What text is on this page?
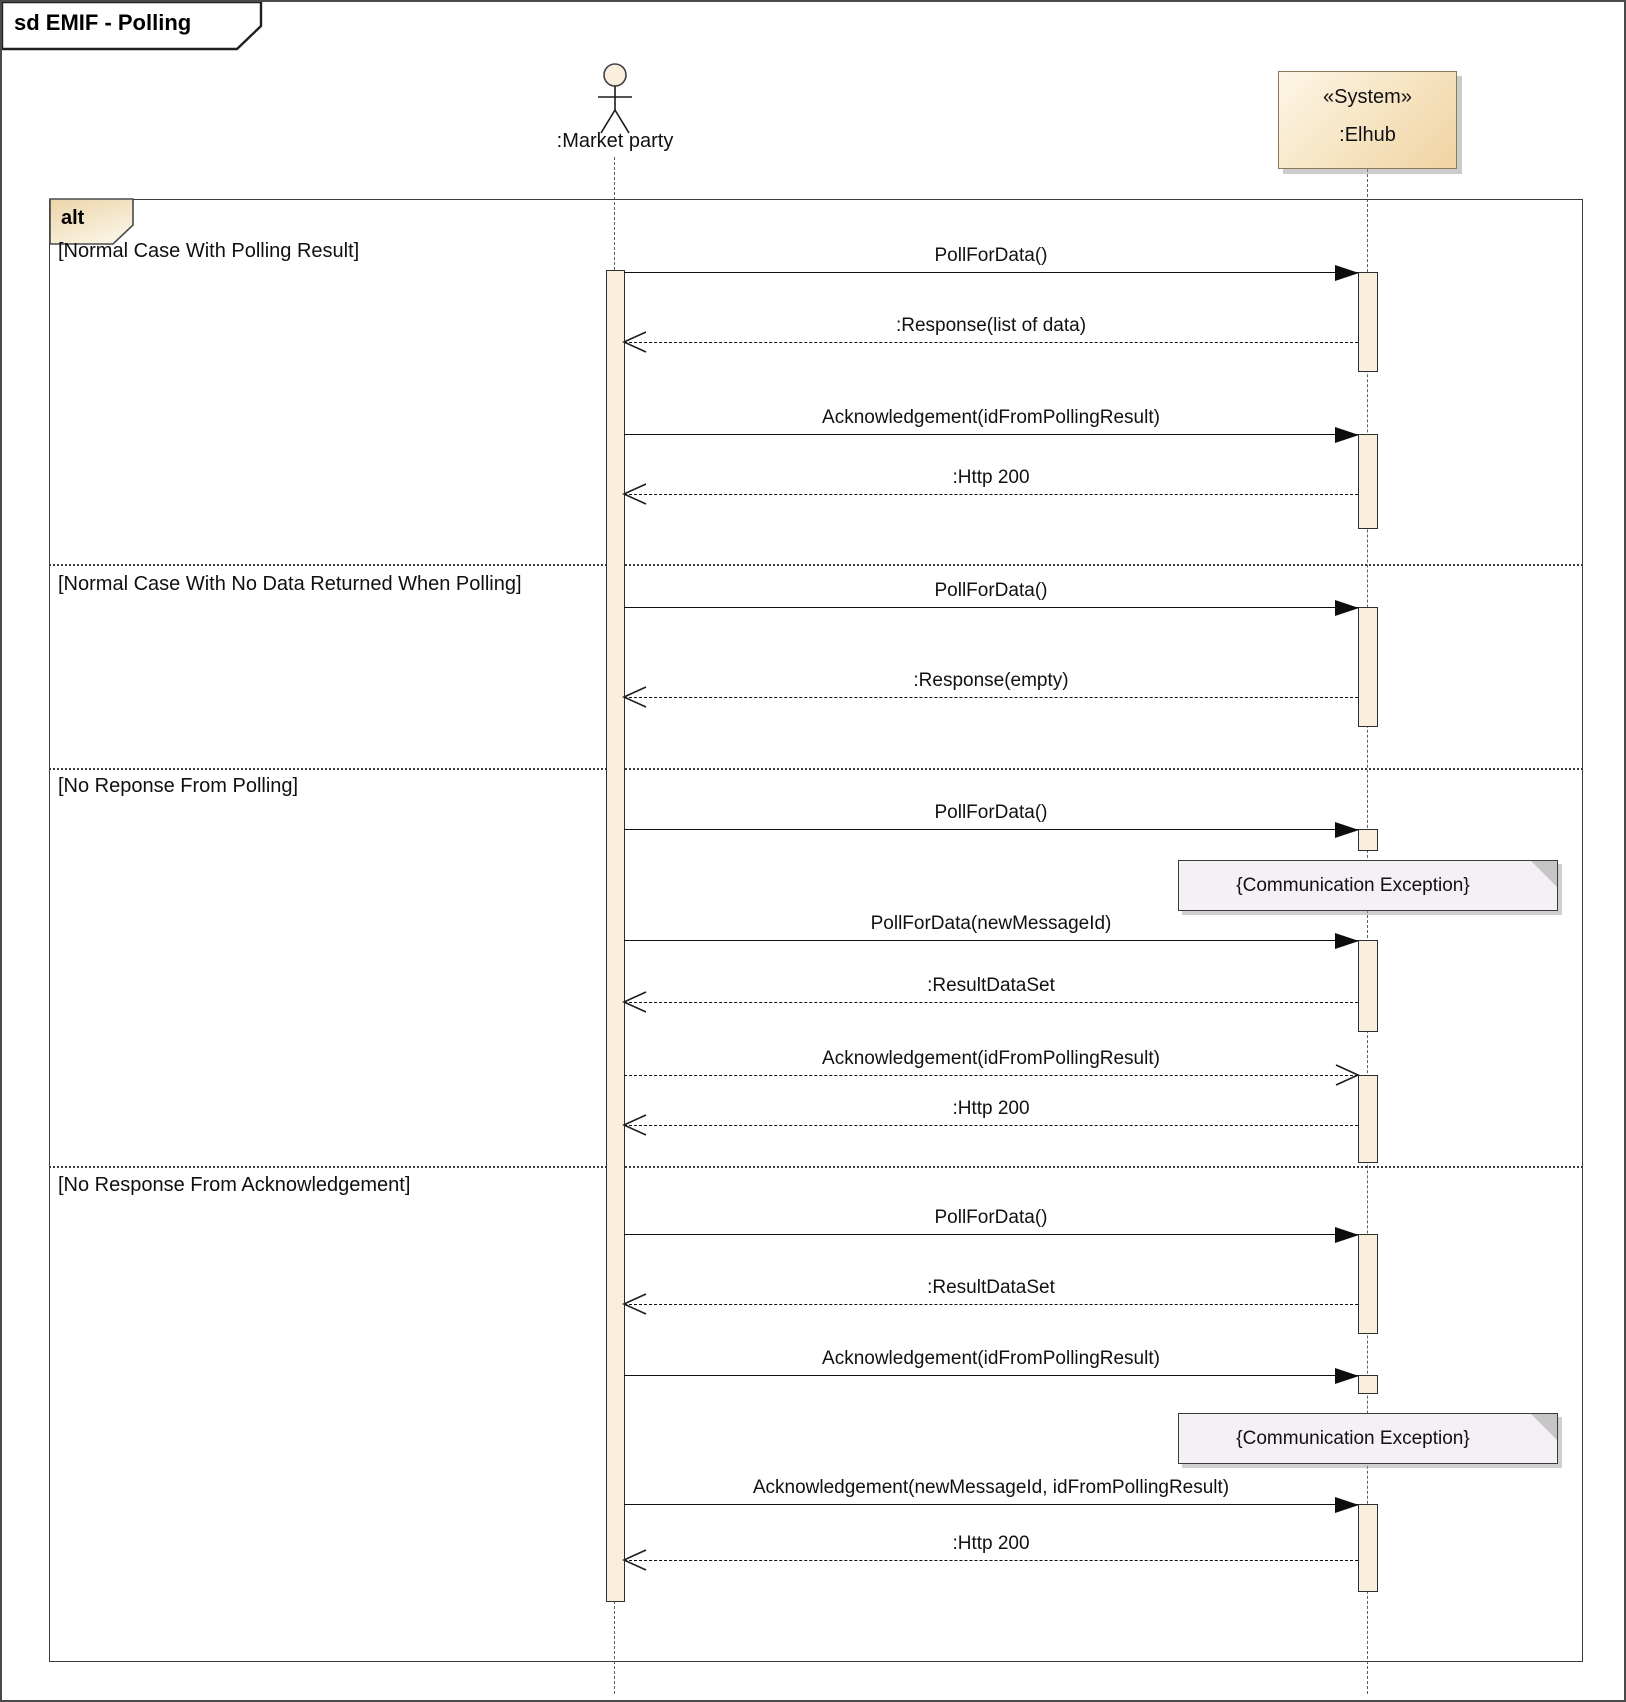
sd EMIF - Polling
:Market party
«System»
:Elhub
alt
[Normal Case With Polling Result]
[Normal Case With No Data Returned When Polling]
[No Reponse From Polling]
[No Response From Acknowledgement]
PollForData()
:Response(list of data)
Acknowledgement(idFromPollingResult)
:Http 200
PollForData()
:Response(empty)
PollForData()
PollForData(newMessageId)
:ResultDataSet
Acknowledgement(idFromPollingResult)
:Http 200
PollForData()
:ResultDataSet
Acknowledgement(idFromPollingResult)
Acknowledgement(newMessageId, idFromPollingResult)
:Http 200
{Communication Exception}
{Communication Exception}
